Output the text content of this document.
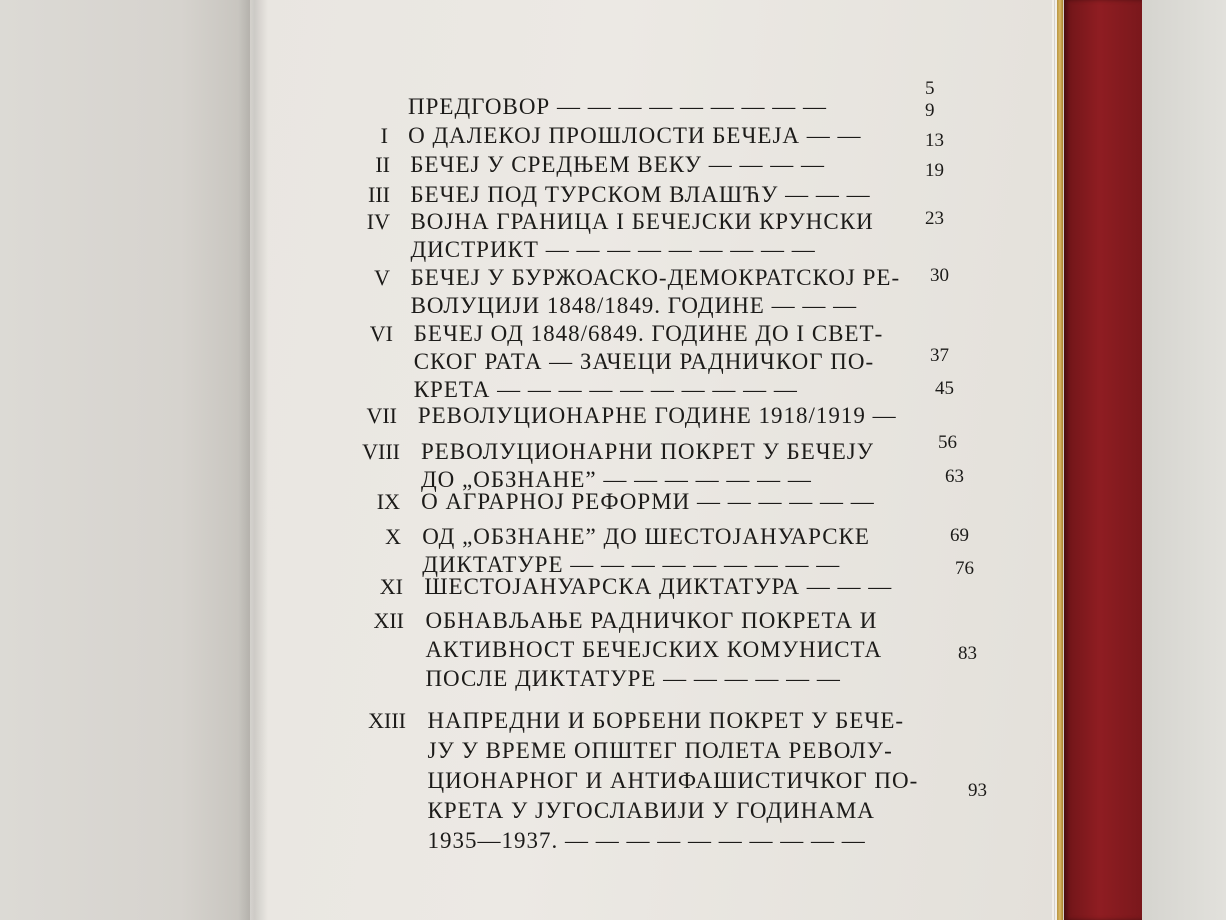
ПРЕДГОВОР — — — — — — — — —
5
I О ДАЛЕКОЈ ПРОШЛОСТИ БЕЧЕЈА — —
9
II БЕЧЕЈ У СРЕДЊЕМ ВЕКУ — — — —
13
III БЕЧЕЈ ПОД ТУРСКОМ ВЛАШЋУ — — —
19
IV ВОЈНА ГРАНИЦА І БЕЧЕЈСКИ КРУНСКИ
ДИСТРИКТ — — — — — — — — —
23
V БЕЧЕЈ У БУРЖОАСКО-ДЕМОКРАТСКОЈ РЕ-
ВОЛУЦИЈИ 1848/1849. ГОДИНЕ — — —
30
VI БЕЧЕЈ ОД 1848/6849. ГОДИНЕ ДО І СВЕТ-
СКОГ РАТА — ЗАЧЕЦИ РАДНИЧКОГ ПО-
КРЕТА — — — — — — — — — —
37
VII РЕВОЛУЦИОНАРНЕ ГОДИНЕ 1918/1919 —
45
VIII РЕВОЛУЦИОНАРНИ ПОКРЕТ У БЕЧЕЈУ
ДО „ОБЗНАНЕ” — — — — — — —
56
IX О АГРАРНОЈ РЕФОРМИ — — — — — —
63
X ОД „ОБЗНАНЕ” ДО ШЕСТОЈАНУАРСКЕ
ДИКТАТУРЕ — — — — — — — — —
69
XI ШЕСТОЈАНУАРСКА ДИКТАТУРА — — —
76
XII ОБНАВЉАЊЕ РАДНИЧКОГ ПОКРЕТА И
АКТИВНОСТ БЕЧЕЈСКИХ КОМУНИСТА
ПОСЛЕ ДИКТАТУРЕ — — — — — —
83
XIII НАПРЕДНИ И БОРБЕНИ ПОКРЕТ У БЕЧЕ-
ЈУ У ВРЕМЕ ОПШТЕГ ПОЛЕТА РЕВОЛУ-
ЦИОНАРНОГ И АНТИФАШИСТИЧКОГ ПО-
КРЕТА У ЈУГОСЛАВИЈИ У ГОДИНАМА
1935—1937. — — — — — — — — — —
93
